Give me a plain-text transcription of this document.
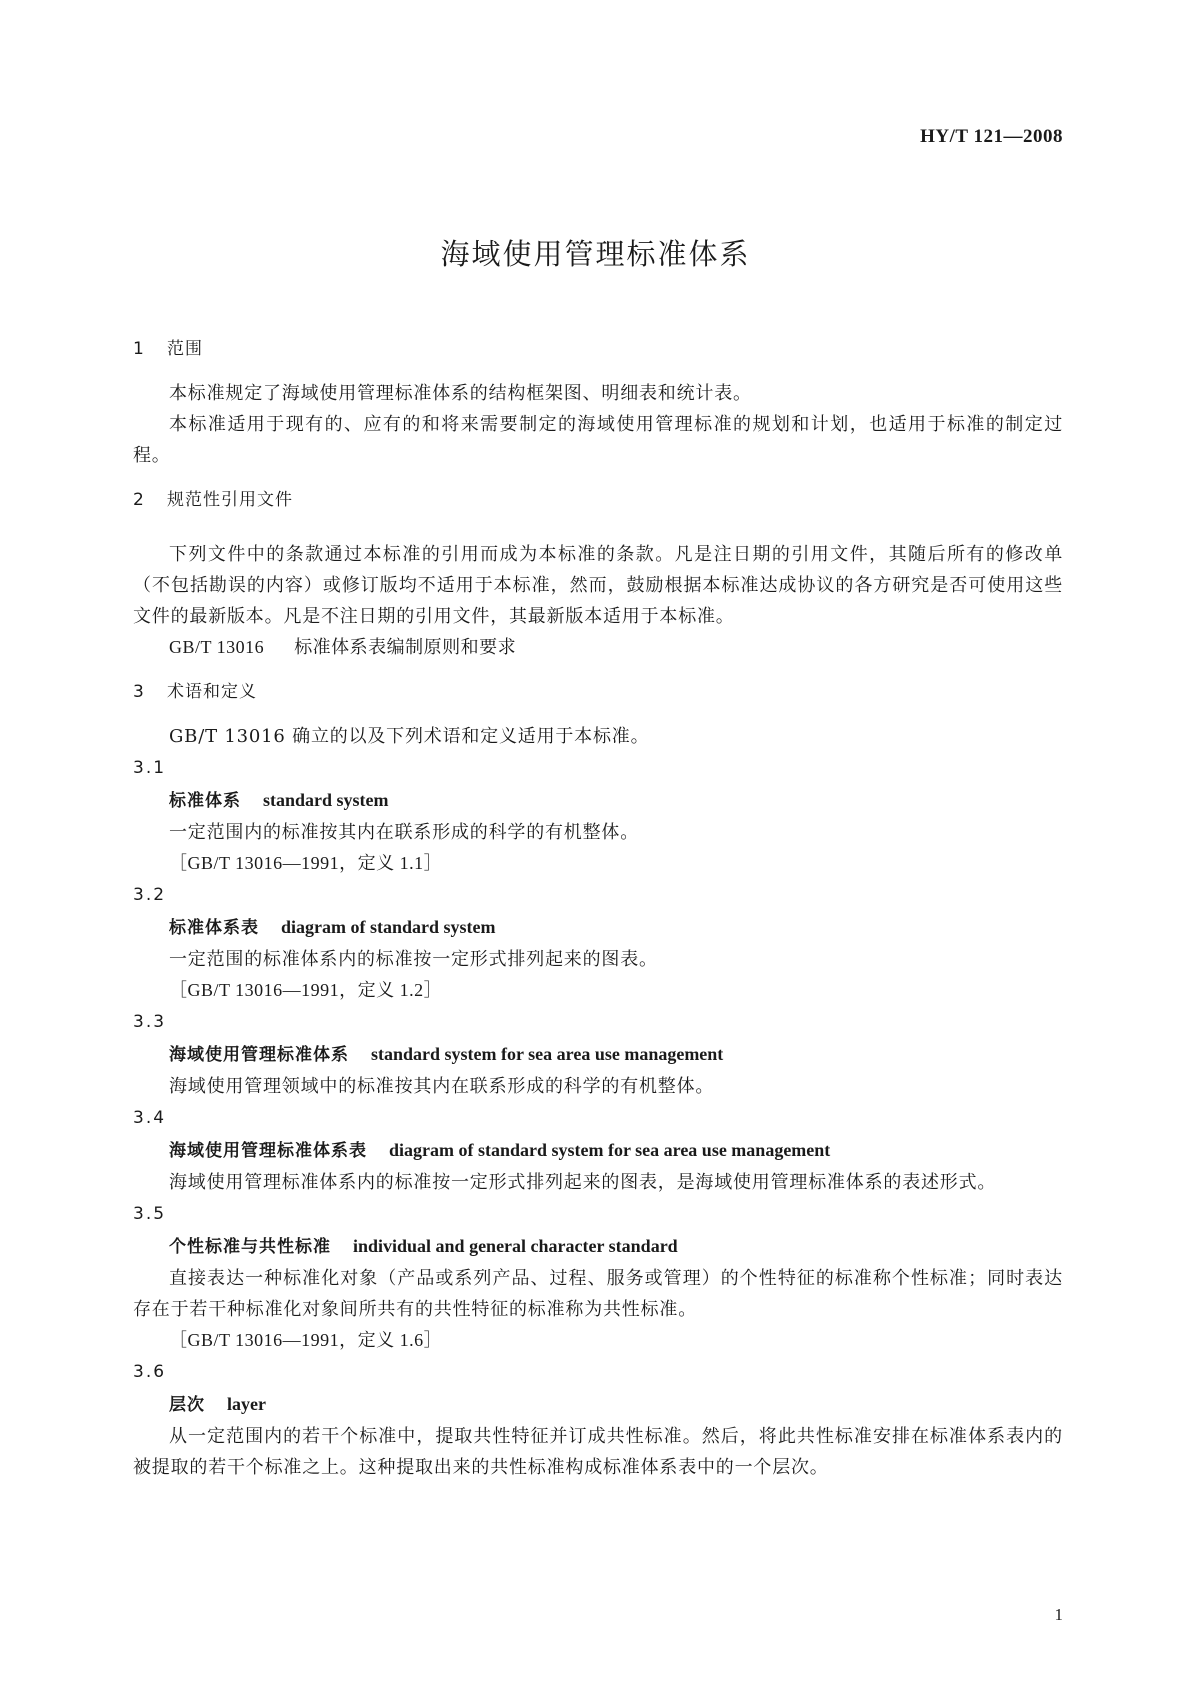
HY/T 121—2008
海域使用管理标准体系
1 范围

本标准规定了海域使用管理标准体系的结构框架图、明细表和统计表。

本标准适用于现有的、应有的和将来需要制定的海域使用管理标准的规划和计划，也适用于标准的制定过程。

2 规范性引用文件

下列文件中的条款通过本标准的引用而成为本标准的条款。凡是注日期的引用文件，其随后所有的修改单（不包括勘误的内容）或修订版均不适用于本标准，然而，鼓励根据本标准达成协议的各方研究是否可使用这些文件的最新版本。凡是不注日期的引用文件，其最新版本适用于本标准。

GB/T 13016 标准体系表编制原则和要求
3 术语和定义

GB/T 13016 确立的以及下列术语和定义适用于本标准。

3.1
标准体系 standard system

一定范围内的标准按其内在联系形成的科学的有机整体。

［GB/T 13016—1991，定义 1.1］
3.2
标准体系表 diagram of standard system

一定范围的标准体系内的标准按一定形式排列起来的图表。

［GB/T 13016—1991，定义 1.2］
3.3
海域使用管理标准体系 standard system for sea area use management

海域使用管理领域中的标准按其内在联系形成的科学的有机整体。

3.4
海域使用管理标准体系表 diagram of standard system for sea area use management

海域使用管理标准体系内的标准按一定形式排列起来的图表，是海域使用管理标准体系的表述形式。

3.5
个性标准与共性标准 individual and general character standard

直接表达一种标准化对象（产品或系列产品、过程、服务或管理）的个性特征的标准称个性标准；同时表达存在于若干种标准化对象间所共有的共性特征的标准称为共性标准。

［GB/T 13016—1991，定义 1.6］
3.6
层次 layer

从一定范围内的若干个标准中，提取共性特征并订成共性标准。然后，将此共性标准安排在标准体系表内的被提取的若干个标准之上。这种提取出来的共性标准构成标准体系表中的一个层次。

1
